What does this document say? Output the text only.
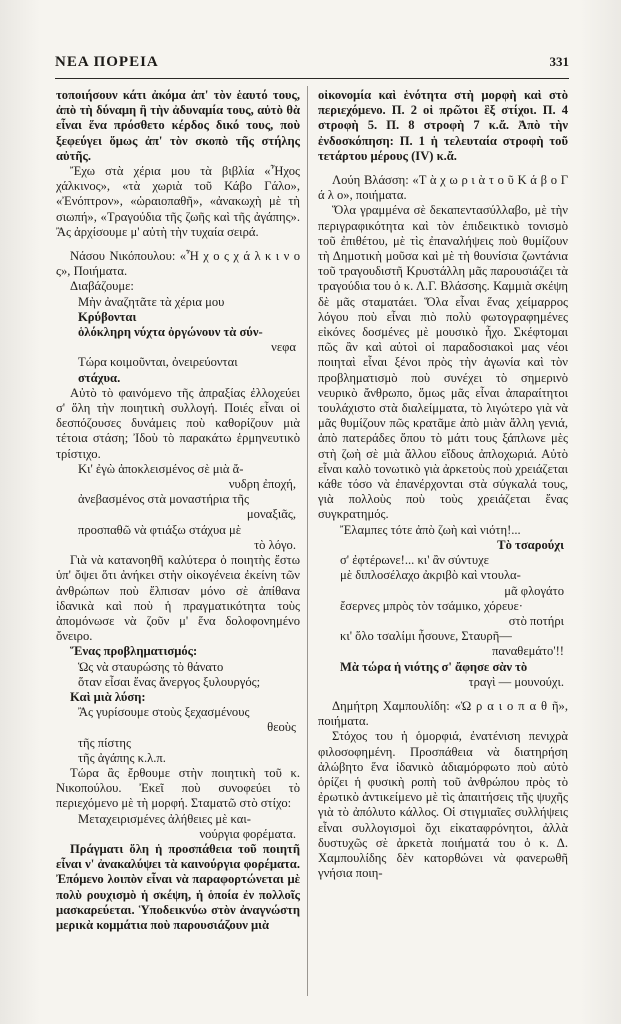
ΝΕΑ ΠΟΡΕΙΑ	331

τοποιήσουν κάτι ἀκόμα ἀπ' τὸν ἑαυτό τους, ἀπὸ τὴ δύναμη ἢ τὴν ἀδυναμία τους, αὐτὸ θὰ εἶναι ἕνα πρόσθετο κέρδος δικό τους, ποὺ ξεφεύγει ὅμως ἀπ' τὸν σκοπὸ τῆς στήλης αὐτῆς.

Ἔχω στὰ χέρια μου τὰ βιβλία «Ἦχος χάλκινος», «τὰ χωριὰ τοῦ Κάβο Γάλο», «Ἐνόπτρον», «ὡραιοπαθῆ», «ἀνακωχὴ μὲ τὴ σιωπή», «Τραγούδια τῆς ζωῆς καὶ τῆς ἀγάπης». Ἂς ἀρχίσουμε μ' αὐτὴ τὴν τυχαία σειρά.

Νάσου Νικόπουλου: «Ἦ χ ο ς χ ά λ κ ι ν ο ς», Ποιήματα.

Διαβάζουμε:

Μὴν ἀναζητᾶτε τὰ χέρια μου

Κρύβονται

ὁλόκληρη νύχτα ὀργώνουν τὰ σύν-

νεφα

Τώρα κοιμοῦνται, ὀνειρεύονται

στάχυα.

Αὐτὸ τὸ φαινόμενο τῆς ἀπραξίας ἐλλοχεύει σ' ὅλη τὴν ποιητικὴ συλλογή. Ποιές εἶναι οἱ δεσπόζουσες δυνάμεις ποὺ καθορίζουν μιὰ τέτοια στάση; Ἰδοὺ τὸ παρακάτω ἑρμηνευτικὸ τρίστιχο.

Κι' ἐγὼ ἀποκλεισμένος σὲ μιὰ ἄ-

νυδρη ἐποχή,

ἀνεβασμένος στὰ μοναστήρια τῆς

μοναξιᾶς,

προσπαθῶ νὰ φτιάξω στάχυα μὲ

τὸ λόγο.

Γιὰ νὰ κατανοηθῆ καλύτερα ὁ ποιητὴς ἔστω ὑπ' ὄψει ὅτι ἀνήκει στὴν οἰκογένεια ἐκείνη τῶν ἀνθρώπων ποὺ ἔλπισαν μόνο σὲ ἀπίθανα ἰδανικὰ καὶ ποὺ ἡ πραγματικότητα τοὺς ἀπομόνωσε νὰ ζοῦν μ' ἕνα δολοφονημένο ὄνειρο.

Ἕνας προβληματισμός:

Ὡς νὰ σταυρώσης τὸ θάνατο

ὅταν εἶσαι ἕνας ἄνεργος ξυλουργός;

Καὶ μιὰ λύση:

Ἂς γυρίσουμε στοὺς ξεχασμένους

θεοὺς

τῆς πίστης

τῆς ἀγάπης κ.λ.π.

Τώρα ἂς ἔρθουμε στὴν ποιητικὴ τοῦ κ. Νικοπούλου. Ἐκεῖ ποὺ συνοφεύει τὸ περιεχόμενο μὲ τὴ μορφή. Σταματῶ στὸ στίχο:

Μεταχειρισμένες ἀλήθειες μὲ και-

νούργια φορέματα.

Πράγματι ὅλη ἡ προσπάθεια τοῦ ποιητῆ εἶναι ν' ἀνακαλύψει τὰ καινούργια φορέματα. Ἐπόμενο λοιπὸν εἶναι νὰ παραφορτώνεται μὲ πολὺ ρουχισμὸ ἡ σκέψη, ἡ ὁποία ἐν πολλοῖς μασκαρεύεται. Ὑποδεικνύω στὸν ἀναγνώστη μερικὰ κομμάτια ποὺ παρουσιάζουν μιὰ

οἰκονομία καὶ ἑνότητα στὴ μορφὴ καὶ στὸ περιεχόμενο. Π. 2 οἱ πρῶτοι ἓξ στίχοι. Π. 4 στροφὴ 5. Π. 8 στροφὴ 7 κ.ἄ. Ἀπὸ τὴν ἐνδοσκόπηση: Π. 1 ἡ τελευταία στροφὴ τοῦ τετάρτου μέρους (IV) κ.ἄ.

Λούη Βλάσση: «Τ ὰ χ ω ρ ι ὰ τ ο ῦ Κ ά β ο Γ ά λ ο», ποιήματα.

Ὅλα γραμμένα σὲ δεκαπεντασύλλαβο, μὲ τὴν περιγραφικότητα καὶ τὸν ἐπιδεικτικὸ τονισμὸ τοῦ ἐπιθέτου, μὲ τὶς ἐπαναλήψεις ποὺ θυμίζουν τὴ Δημοτικὴ μοῦσα καὶ μὲ τὴ θουνίσια ζωντάνια τοῦ τραγουδιστῆ Κρυστάλλη μᾶς παρουσιάζει τὰ τραγούδια του ὁ κ. Λ.Γ. Βλάσσης. Καμμιὰ σκέψη δὲ μᾶς σταματάει. Ὅλα εἶναι ἕνας χείμαρρος λόγου ποὺ εἶναι πιὸ πολὺ φωτογραφημένες εἰκόνες δοσμένες μὲ μουσικὸ ἦχο. Σκέφτομαι πῶς ἂν καὶ αὐτοὶ οἱ παραδοσιακοὶ μας νέοι ποιηταὶ εἶναι ξένοι πρὸς τὴν ἀγωνία καὶ τὸν προβληματισμὸ ποὺ συνέχει τὸ σημερινὸ νευρικὸ ἄνθρωπο, ὅμως μᾶς εἶναι ἀπαραίτητοι τουλάχιστο στὰ διαλείμματα, τὸ λιγώτερο γιὰ νὰ μᾶς θυμίζουν πῶς κρατᾶμε ἀπὸ μιὰν ἄλλη γενιά, ἀπὸ πατεράδες ὅπου τὸ μάτι τους ξάπλωνε μὲς στὴ ζωὴ σὲ μιὰ ἄλλου εἴδους ἀπλοχωριά. Αὐτὸ εἶναι καλὸ τονωτικὸ γιὰ ἀρκετοὺς ποὺ χρειάζεται κάθε τόσο νὰ ἐπανέρχονται στὰ σύγκαλά τους, γιὰ πολλοὺς ποὺ τοὺς χρειάζεται ἕνας συγκρατημός.

Ἔλαμπες τότε ἀπὸ ζωὴ καὶ νιότη!...

Τὸ τσαρούχι

σ' ἐφτέρωνε!... κι' ἂν σύντυχε

μὲ διπλοσέλαχο ἀκριβὸ καὶ ντουλα-

μᾶ φλογάτο

ἔσερνες μπρὸς τὸν τσάμικο, χόρευε·

στὸ ποτήρι

κι' ὅλο τσαλίμι ἦσουνε, Σταυρῆ—

παναθεμάτο'!!

Μὰ τώρα ἡ νιότης σ' ἄφησε σὰν τὸ

τραγὶ — μουνούχι.

Δημήτρη Χαμπουλίδη: «Ὡ ρ α ι ο π α θ ῆ», ποιήματα.

Στόχος του ἡ ὁμορφιά, ἐνατένιση πενιχρὰ φιλοσοφημένη. Προσπάθεια νὰ διατηρήση ἀλώβητο ἕνα ἰδανικὸ ἀδιαμόρφωτο ποὺ αὐτὸ ὁρίζει ἡ φυσικὴ ροπὴ τοῦ ἀνθρώπου πρὸς τὸ ἐρωτικὸ ἀντικείμενο μὲ τὶς ἀπαιτήσεις τῆς ψυχῆς γιὰ τὸ ἀπόλυτο κάλλος. Οἱ στιγμιαῖες συλλήψεις εἶναι συλλογισμοὶ ὄχι εἰκαταφρόνητοι, ἀλλὰ δυστυχῶς σὲ ἀρκετὰ ποιήματά του ὁ κ. Δ. Χαμπουλίδης δὲν κατορθώνει νὰ φανερωθῆ γνήσια ποιη-
